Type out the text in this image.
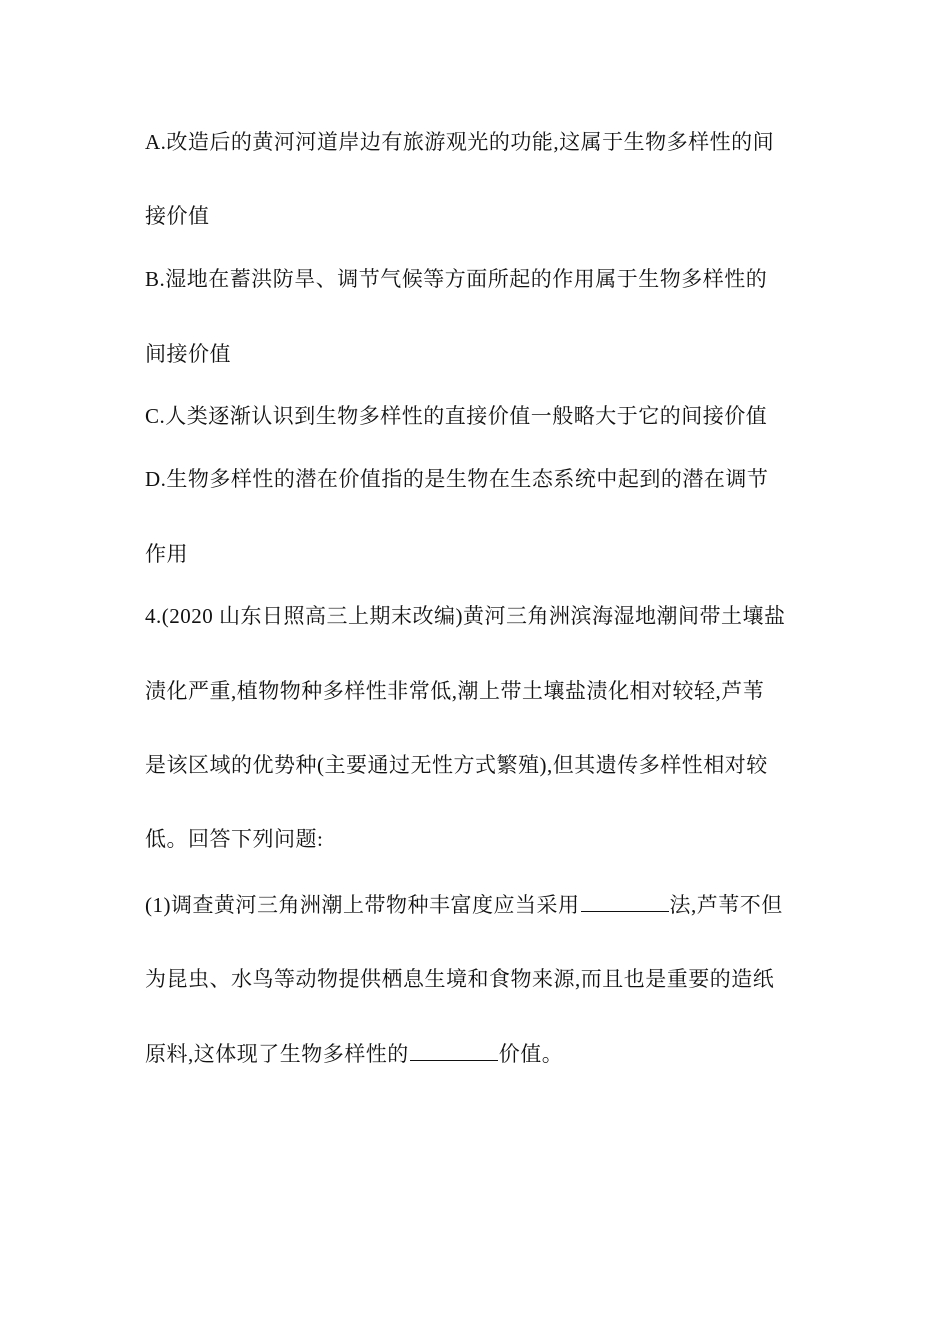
A.改造后的黄河河道岸边有旅游观光的功能,这属于生物多样性的间
接价值
B.湿地在蓄洪防旱、调节气候等方面所起的作用属于生物多样性的
间接价值
C.人类逐渐认识到生物多样性的直接价值一般略大于它的间接价值
D.生物多样性的潜在价值指的是生物在生态系统中起到的潜在调节
作用
4.(2020 山东日照高三上期末改编)黄河三角洲滨海湿地潮间带土壤盐
渍化严重,植物物种多样性非常低,潮上带土壤盐渍化相对较轻,芦苇
是该区域的优势种(主要通过无性方式繁殖),但其遗传多样性相对较
低。回答下列问题:
(1)调查黄河三角洲潮上带物种丰富度应当采用	法,芦苇不但
为昆虫、水鸟等动物提供栖息生境和食物来源,而且也是重要的造纸
原料,这体现了生物多样性的	价值。
